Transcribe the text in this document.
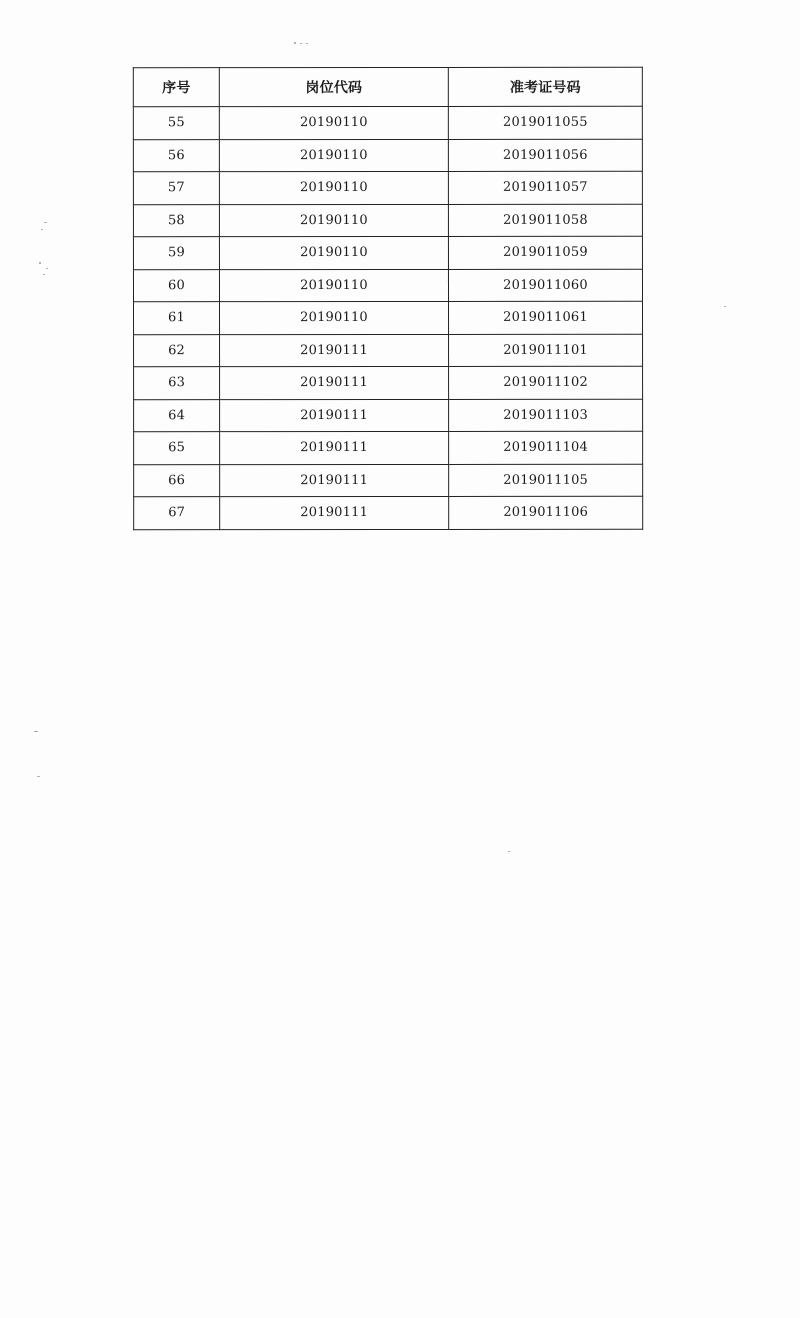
序号	岗位代码	准考证号码
55	20190110	2019011055
56	20190110	2019011056
57	20190110	2019011057
58	20190110	2019011058
59	20190110	2019011059
60	20190110	2019011060
61	20190110	2019011061
62	20190111	2019011101
63	20190111	2019011102
64	20190111	2019011103
65	20190111	2019011104
66	20190111	2019011105
67	20190111	2019011106
